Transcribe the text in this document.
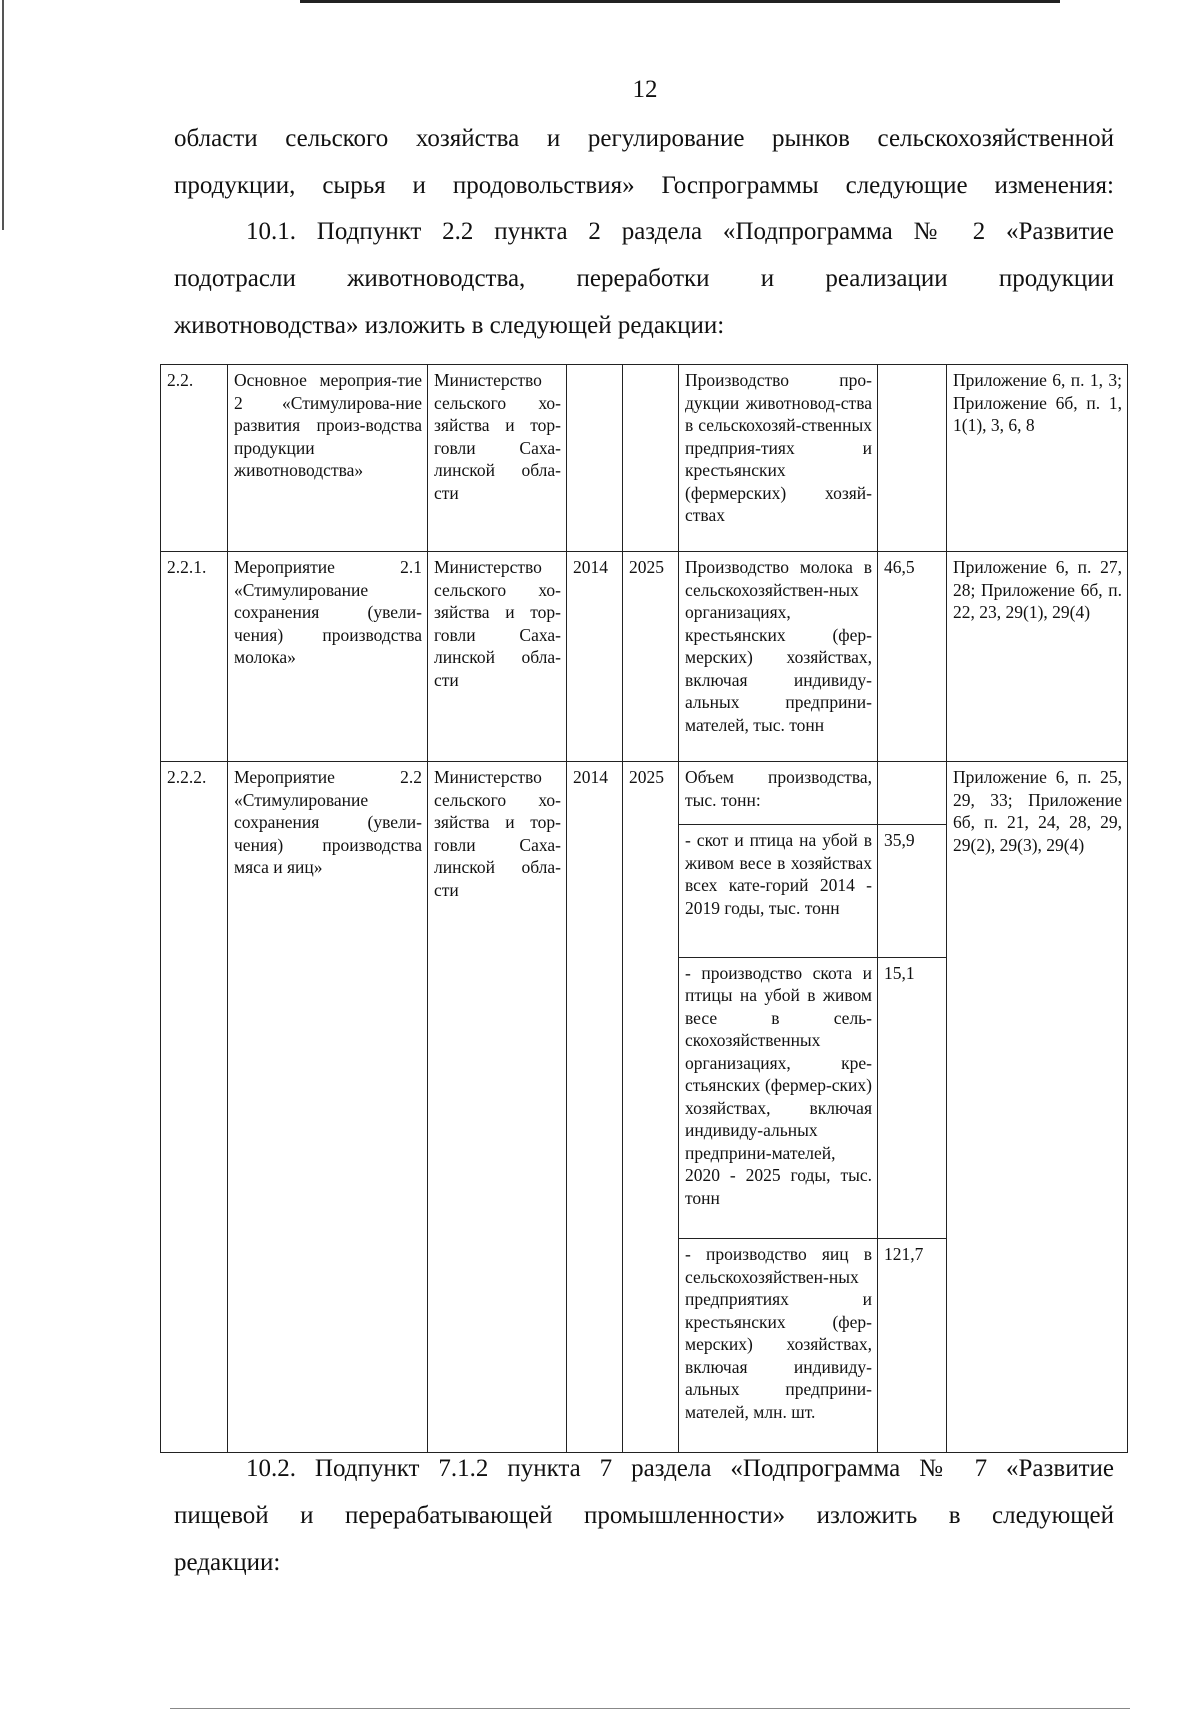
12
области сельского хозяйства и регулирование рынков сельскохозяйственной
продукции, сырья и продовольствия» Госпрограммы следующие изменения:
10.1. Подпункт 2.2 пункта 2 раздела «Подпрограмма № 2 «Развитие
подотрасли животноводства, переработки и реализации продукции
животноводства» изложить в следующей редакции:
2.2.	Основное мероприя-тие 2 «Стимулирова-ние развития произ-водства продукции животноводства»	Министерство сельского хо-зяйства и тор-говли Саха-линской обла-сти			Производство про-дукции животновод-ства в сельскохозяй-ственных предприя-тиях и крестьянских (фермерских) хозяй-ствах		Приложение 6, п. 1, 3; Приложение 6б, п. 1, 1(1), 3, 6, 8
2.2.1.	Мероприятие 2.1 «Стимулирование сохранения (увели-чения) производства молока»	Министерство сельского хо-зяйства и тор-говли Саха-линской обла-сти	2014	2025	Производство молока в сельскохозяйствен-ных организациях, крестьянских (фер-мерских) хозяйствах, включая индивиду-альных предприни-мателей, тыс. тонн	46,5	Приложение 6, п. 27, 28; Приложение 6б, п. 22, 23, 29(1), 29(4)
2.2.2.	Мероприятие 2.2 «Стимулирование сохранения (увели-чения) производства мяса и яиц»	Министерство сельского хо-зяйства и тор-говли Саха-линской обла-сти	2014	2025	Объем производства, тыс. тонн:		Приложение 6, п. 25, 29, 33; Приложение 6б, п. 21, 24, 28, 29, 29(2), 29(3), 29(4)
					- скот и птица на убой в живом весе в хозяйствах всех кате-горий 2014 - 2019 годы, тыс. тонн	35,9	
					- производство скота и птицы на убой в живом весе в сель-скохозяйственных организациях, кре-стьянских (фермер-ских) хозяйствах, включая индивиду-альных предприни-мателей, 2020 - 2025 годы, тыс. тонн	15,1	
					- производство яиц в сельскохозяйствен-ных предприятиях и крестьянских (фер-мерских) хозяйствах, включая индивиду-альных предприни-мателей, млн. шт.	121,7	
10.2. Подпункт 7.1.2 пункта 7 раздела «Подпрограмма № 7 «Развитие
пищевой и перерабатывающей промышленности» изложить в следующей
редакции:
